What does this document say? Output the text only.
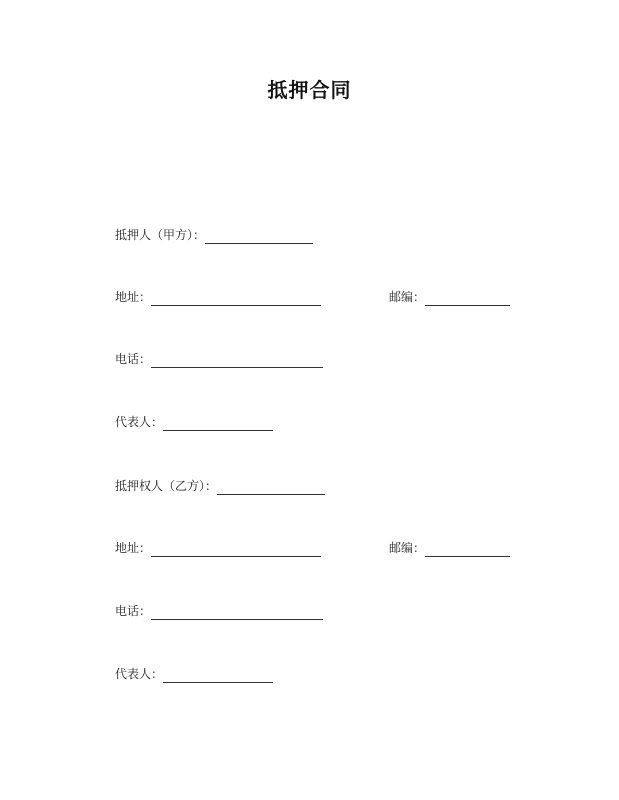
抵押合同
抵押人（甲方）：
地址：	邮编：
电话：
代表人：
抵押权人（乙方）：
地址：	邮编：
电话：
代表人：
